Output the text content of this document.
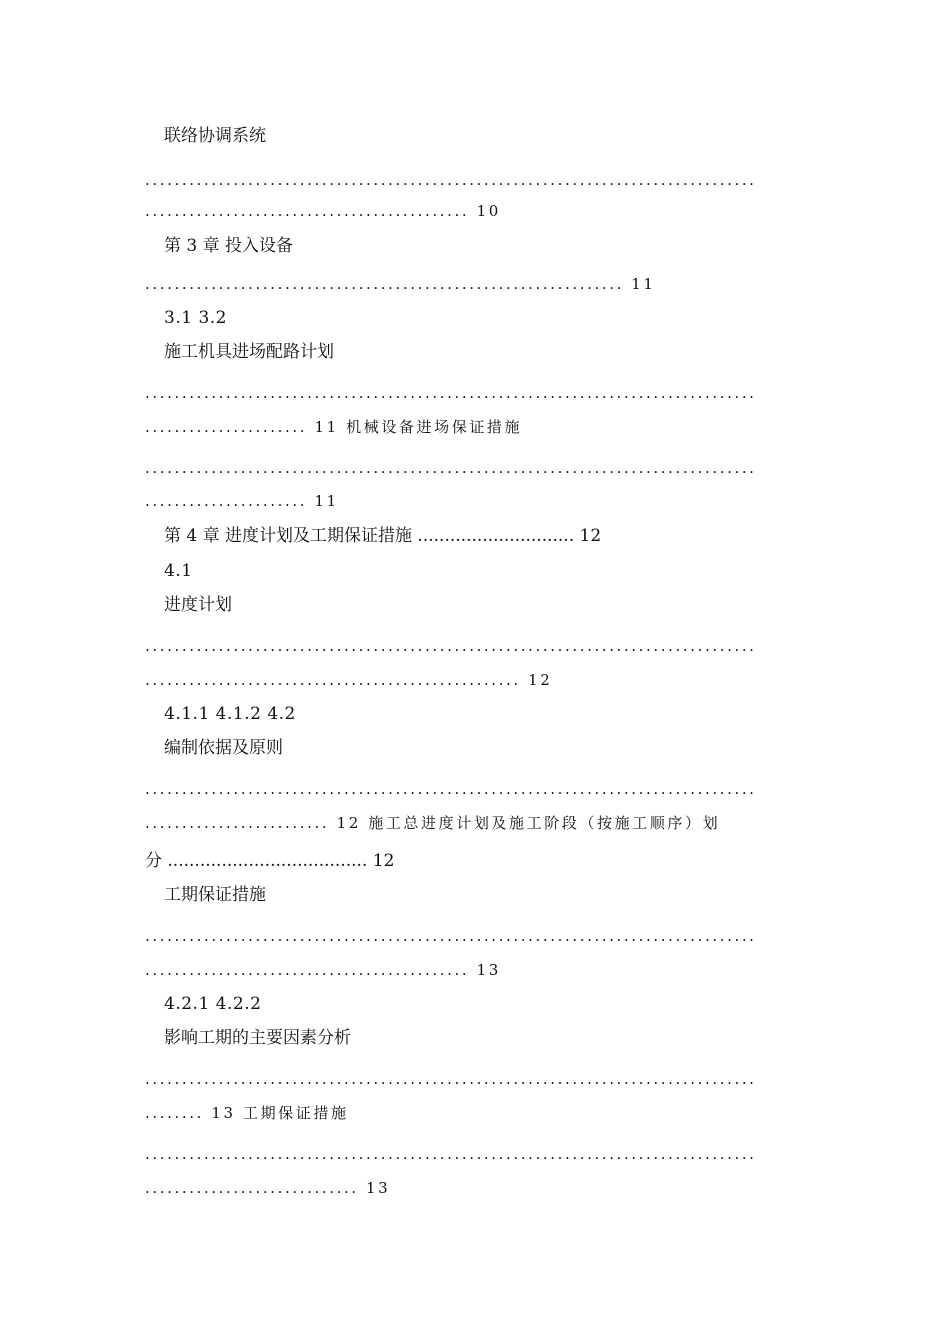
联络协调系统
...................................................................................
............................................ 10
第 3 章 投入设备
................................................................. 11
3.1 3.2
施工机具进场配路计划
...................................................................................
...................... 11 机械设备进场保证措施
...................................................................................
...................... 11
第 4 章 进度计划及工期保证措施 ............................. 12
4.1
进度计划
...................................................................................
................................................... 12
4.1.1 4.1.2 4.2
编制依据及原则
...................................................................................
......................... 12 施工总进度计划及施工阶段（按施工顺序）划
分 ..................................... 12
工期保证措施
...................................................................................
............................................ 13
4.2.1 4.2.2
影响工期的主要因素分析
...................................................................................
........ 13 工期保证措施
...................................................................................
............................. 13
